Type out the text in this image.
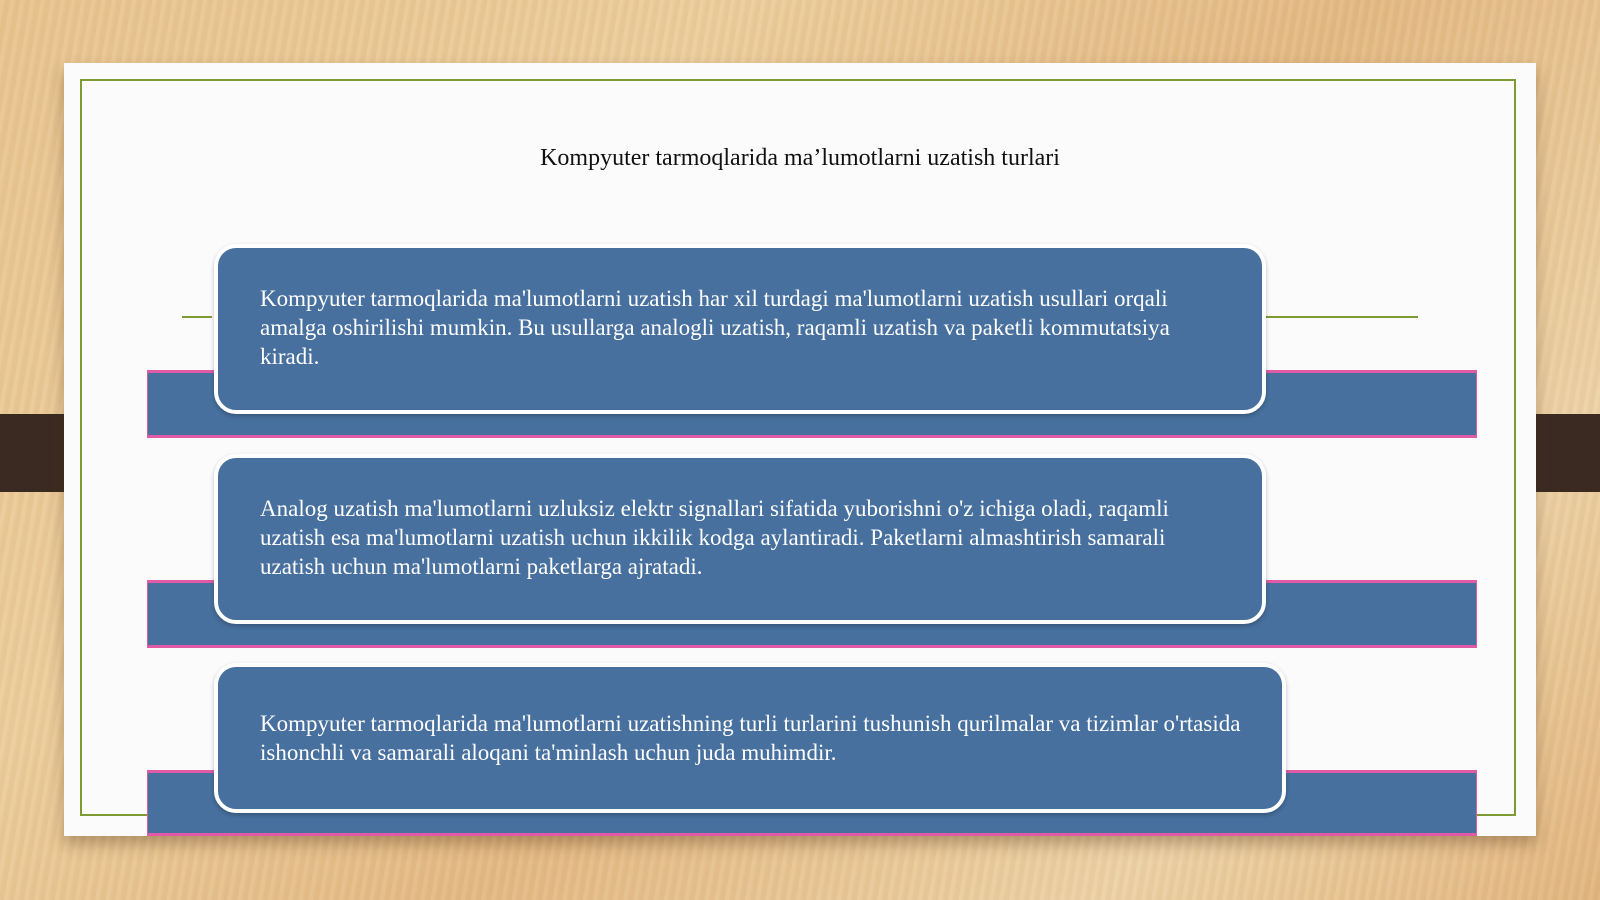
Kompyuter tarmoqlarida ma’lumotlarni uzatish turlari
Kompyuter tarmoqlarida ma'lumotlarni uzatish har xil turdagi ma'lumotlarni uzatish usullari orqali amalga oshirilishi mumkin. Bu usullarga analogli uzatish, raqamli uzatish va paketli kommutatsiya kiradi.
Analog uzatish ma'lumotlarni uzluksiz elektr signallari sifatida yuborishni o'z ichiga oladi, raqamli uzatish esa ma'lumotlarni uzatish uchun ikkilik kodga aylantiradi. Paketlarni almashtirish samarali uzatish uchun ma'lumotlarni paketlarga ajratadi.
Kompyuter tarmoqlarida ma'lumotlarni uzatishning turli turlarini tushunish qurilmalar va tizimlar o'rtasida ishonchli va samarali aloqani ta'minlash uchun juda muhimdir.
